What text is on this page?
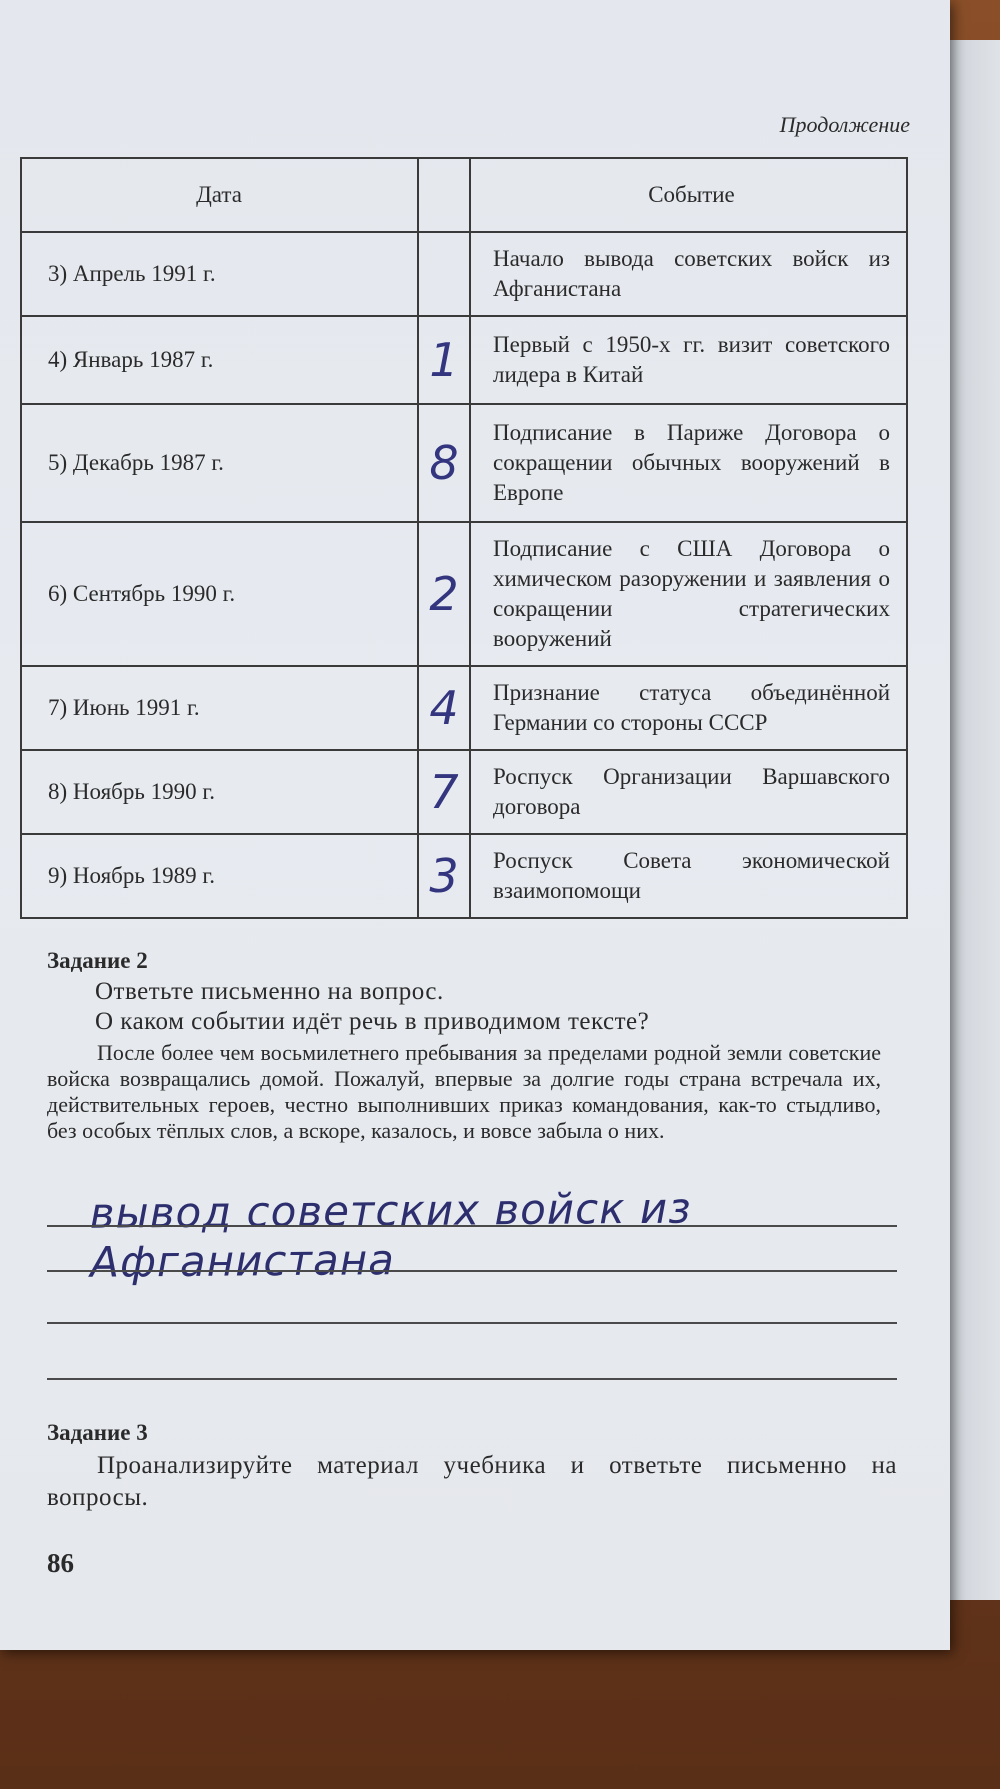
Продолжение
Дата		Событие
3) Апрель 1991 г.		Начало вывода советских войск из Афганистана
4) Январь 1987 г.	1	Первый с 1950-х гг. визит советского лидера в Китай
5) Декабрь 1987 г.	8	Подписание в Париже Договора о сокращении обычных вооружений в Европе
6) Сентябрь 1990 г.	2	Подписание с США Договора о химическом разоружении и заявления о сокращении стратегических вооружений
7) Июнь 1991 г.	4	Признание статуса объединённой Германии со стороны СССР
8) Ноябрь 1990 г.	7	Роспуск Организации Варшавского договора
9) Ноябрь 1989 г.	3	Роспуск Совета экономической взаимопомощи
Задание 2
Ответьте письменно на вопрос.
О каком событии идёт речь в приводимом тексте?
После более чем восьмилетнего пребывания за пределами родной земли советские войска возвращались домой. Пожалуй, впервые за долгие годы страна встречала их, действительных героев, честно выполнивших приказ командования, как-то стыдливо, без особых тёплых слов, а вскоре, казалось, и вовсе забыла о них.
вывод советских войск из Афганистана
Задание 3
Проанализируйте материал учебника и ответьте письменно на вопросы.
86
